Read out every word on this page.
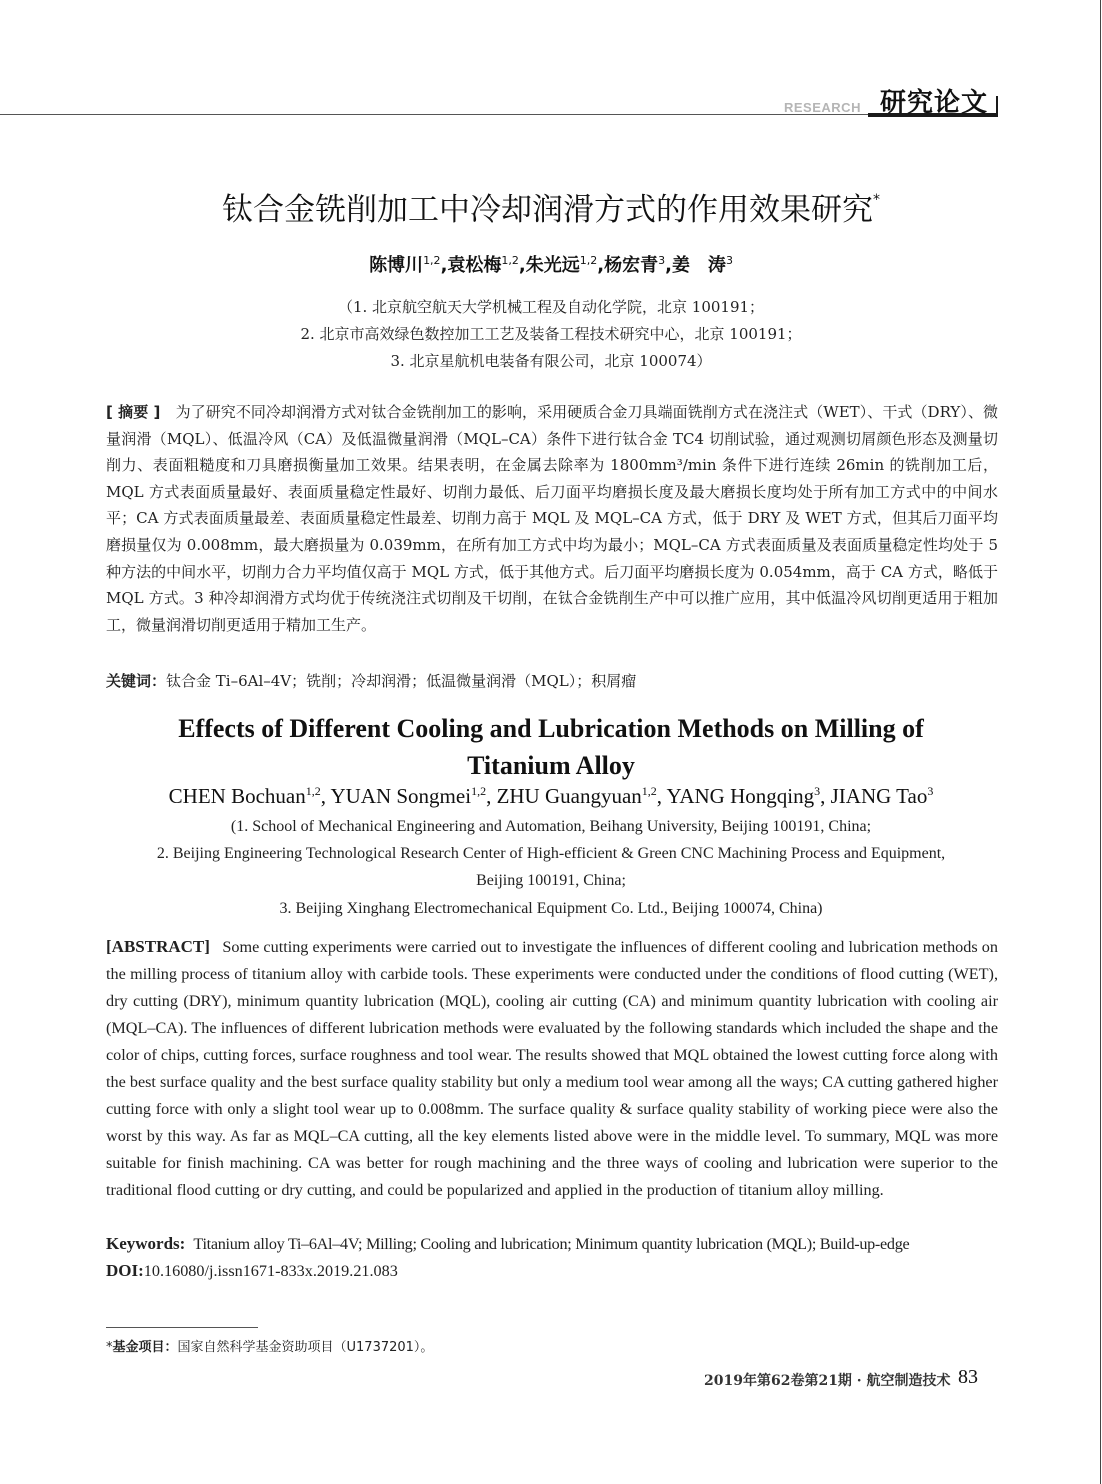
RESEARCH 研究论文
钛合金铣削加工中冷却润滑方式的作用效果研究*
陈博川$^{1,2}$,袁松梅$^{1,2}$,朱光远$^{1,2}$,杨宏青$^3$,姜　涛$^3$
（1. 北京航空航天大学机械工程及自动化学院，北京 100191；
2. 北京市高效绿色数控加工工艺及装备工程技术研究中心，北京 100191；
3. 北京星航机电装备有限公司，北京 100074）
[ 摘要 ]　 为了研究不同冷却润滑方式对钛合金铣削加工的影响，采用硬质合金刀具端面铣削方式在浇注式（WET）、干式（DRY）、微量润滑（MQL）、低温冷风（CA）及低温微量润滑（MQL–CA）条件下进行钛合金 TC4 切削试验，通过观测切屑颜色形态及测量切削力、表面粗糙度和刀具磨损衡量加工效果。结果表明，在金属去除率为 1800mm³/min 条件下进行连续 26min 的铣削加工后，MQL 方式表面质量最好、表面质量稳定性最好、切削力最低、后刀面平均磨损长度及最大磨损长度均处于所有加工方式中的中间水平；CA 方式表面质量最差、表面质量稳定性最差、切削力高于 MQL 及 MQL–CA 方式，低于 DRY 及 WET 方式，但其后刀面平均磨损量仅为 0.008mm，最大磨损量为 0.039mm，在所有加工方式中均为最小；MQL–CA 方式表面质量及表面质量稳定性均处于 5 种方法的中间水平，切削力合力平均值仅高于 MQL 方式，低于其他方式。后刀面平均磨损长度为 0.054mm，高于 CA 方式，略低于 MQL 方式。3 种冷却润滑方式均优于传统浇注式切削及干切削，在钛合金铣削生产中可以推广应用，其中低温冷风切削更适用于粗加工，微量润滑切削更适用于精加工生产。
关键词：钛合金 Ti–6Al–4V；铣削；冷却润滑；低温微量润滑（MQL）；积屑瘤
Effects of Different Cooling and Lubrication Methods on Milling of
Titanium Alloy
CHEN Bochuan$^{1,2}$, YUAN Songmei$^{1,2}$, ZHU Guangyuan$^{1,2}$, YANG Hongqing$^3$, JIANG Tao$^3$
(1. School of Mechanical Engineering and Automation, Beihang University, Beijing 100191, China;
2. Beijing Engineering Technological Research Center of High-efficient & Green CNC Machining Process and Equipment,
Beijing 100191, China;
3. Beijing Xinghang Electromechanical Equipment Co. Ltd., Beijing 100074, China)
[ABSTRACT] Some cutting experiments were carried out to investigate the influences of different cooling and lubrication methods on the milling process of titanium alloy with carbide tools. These experiments were conducted under the conditions of flood cutting (WET), dry cutting (DRY), minimum quantity lubrication (MQL), cooling air cutting (CA) and minimum quantity lubrication with cooling air (MQL–CA). The influences of different lubrication methods were evaluated by the following standards which included the shape and the color of chips, cutting forces, surface roughness and tool wear. The results showed that MQL obtained the lowest cutting force along with the best surface quality and the best surface quality stability but only a medium tool wear among all the ways; CA cutting gathered higher cutting force with only a slight tool wear up to 0.008mm. The surface quality & surface quality stability of working piece were also the worst by this way. As far as MQL–CA cutting, all the key elements listed above were in the middle level. To summary, MQL was more suitable for finish machining. CA was better for rough machining and the three ways of cooling and lubrication were superior to the traditional flood cutting or dry cutting, and could be popularized and applied in the production of titanium alloy milling.
Keywords: Titanium alloy Ti–6Al–4V; Milling; Cooling and lubrication; Minimum quantity lubrication (MQL); Build-up-edge
DOI:10.16080/j.issn1671-833x.2019.21.083
*基金项目：国家自然科学基金资助项目（U1737201）。
2019年第62卷第21期 · 航空制造技术 83
